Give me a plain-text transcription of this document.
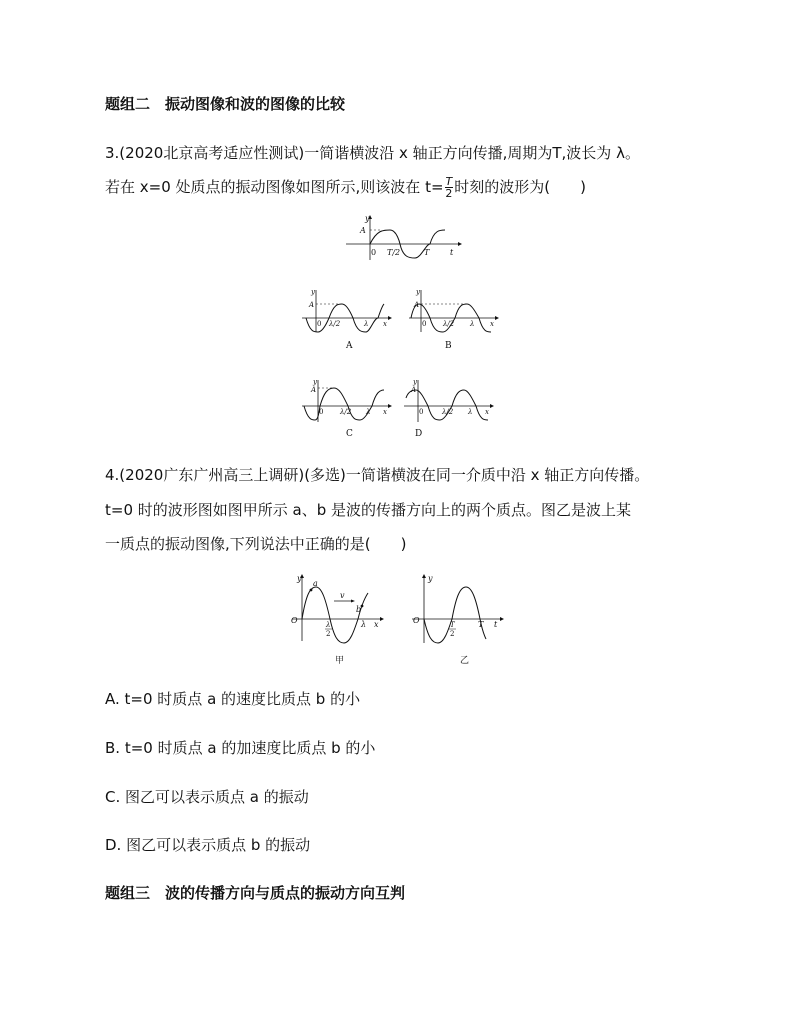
题组二　振动图像和波的图像的比较
3.(2020北京高考适应性测试)一简谐横波沿 x 轴正方向传播,周期为T,波长为 λ。
若在 x=0 处质点的振动图像如图所示,则该波在 $t= \frac{T}{2}$ 时刻的波形为(　　)
y
A
0 T/2	T	t
y
A
0 λ/2	λ x
A
y
A
0 λ/2 λ x
B
y
A
0 λ/2 λ x
C
y
A
0	λ/2 λ x
D
4.(2020广东广州高三上调研)(多选)一简谐横波在同一介质中沿 x 轴正方向传播。
t=0 时的波形图如图甲所示 a、b 是波的传播方向上的两个质点。图乙是波上某
一质点的振动图像,下列说法中正确的是(　　)
y
a
v
b
O	λ
2
λ x
甲
y
O	T
2
T t
乙
A. t=0 时质点 a 的速度比质点 b 的小
B. t=0 时质点 a 的加速度比质点 b 的小
C. 图乙可以表示质点 a 的振动
D. 图乙可以表示质点 b 的振动
题组三　波的传播方向与质点的振动方向互判
